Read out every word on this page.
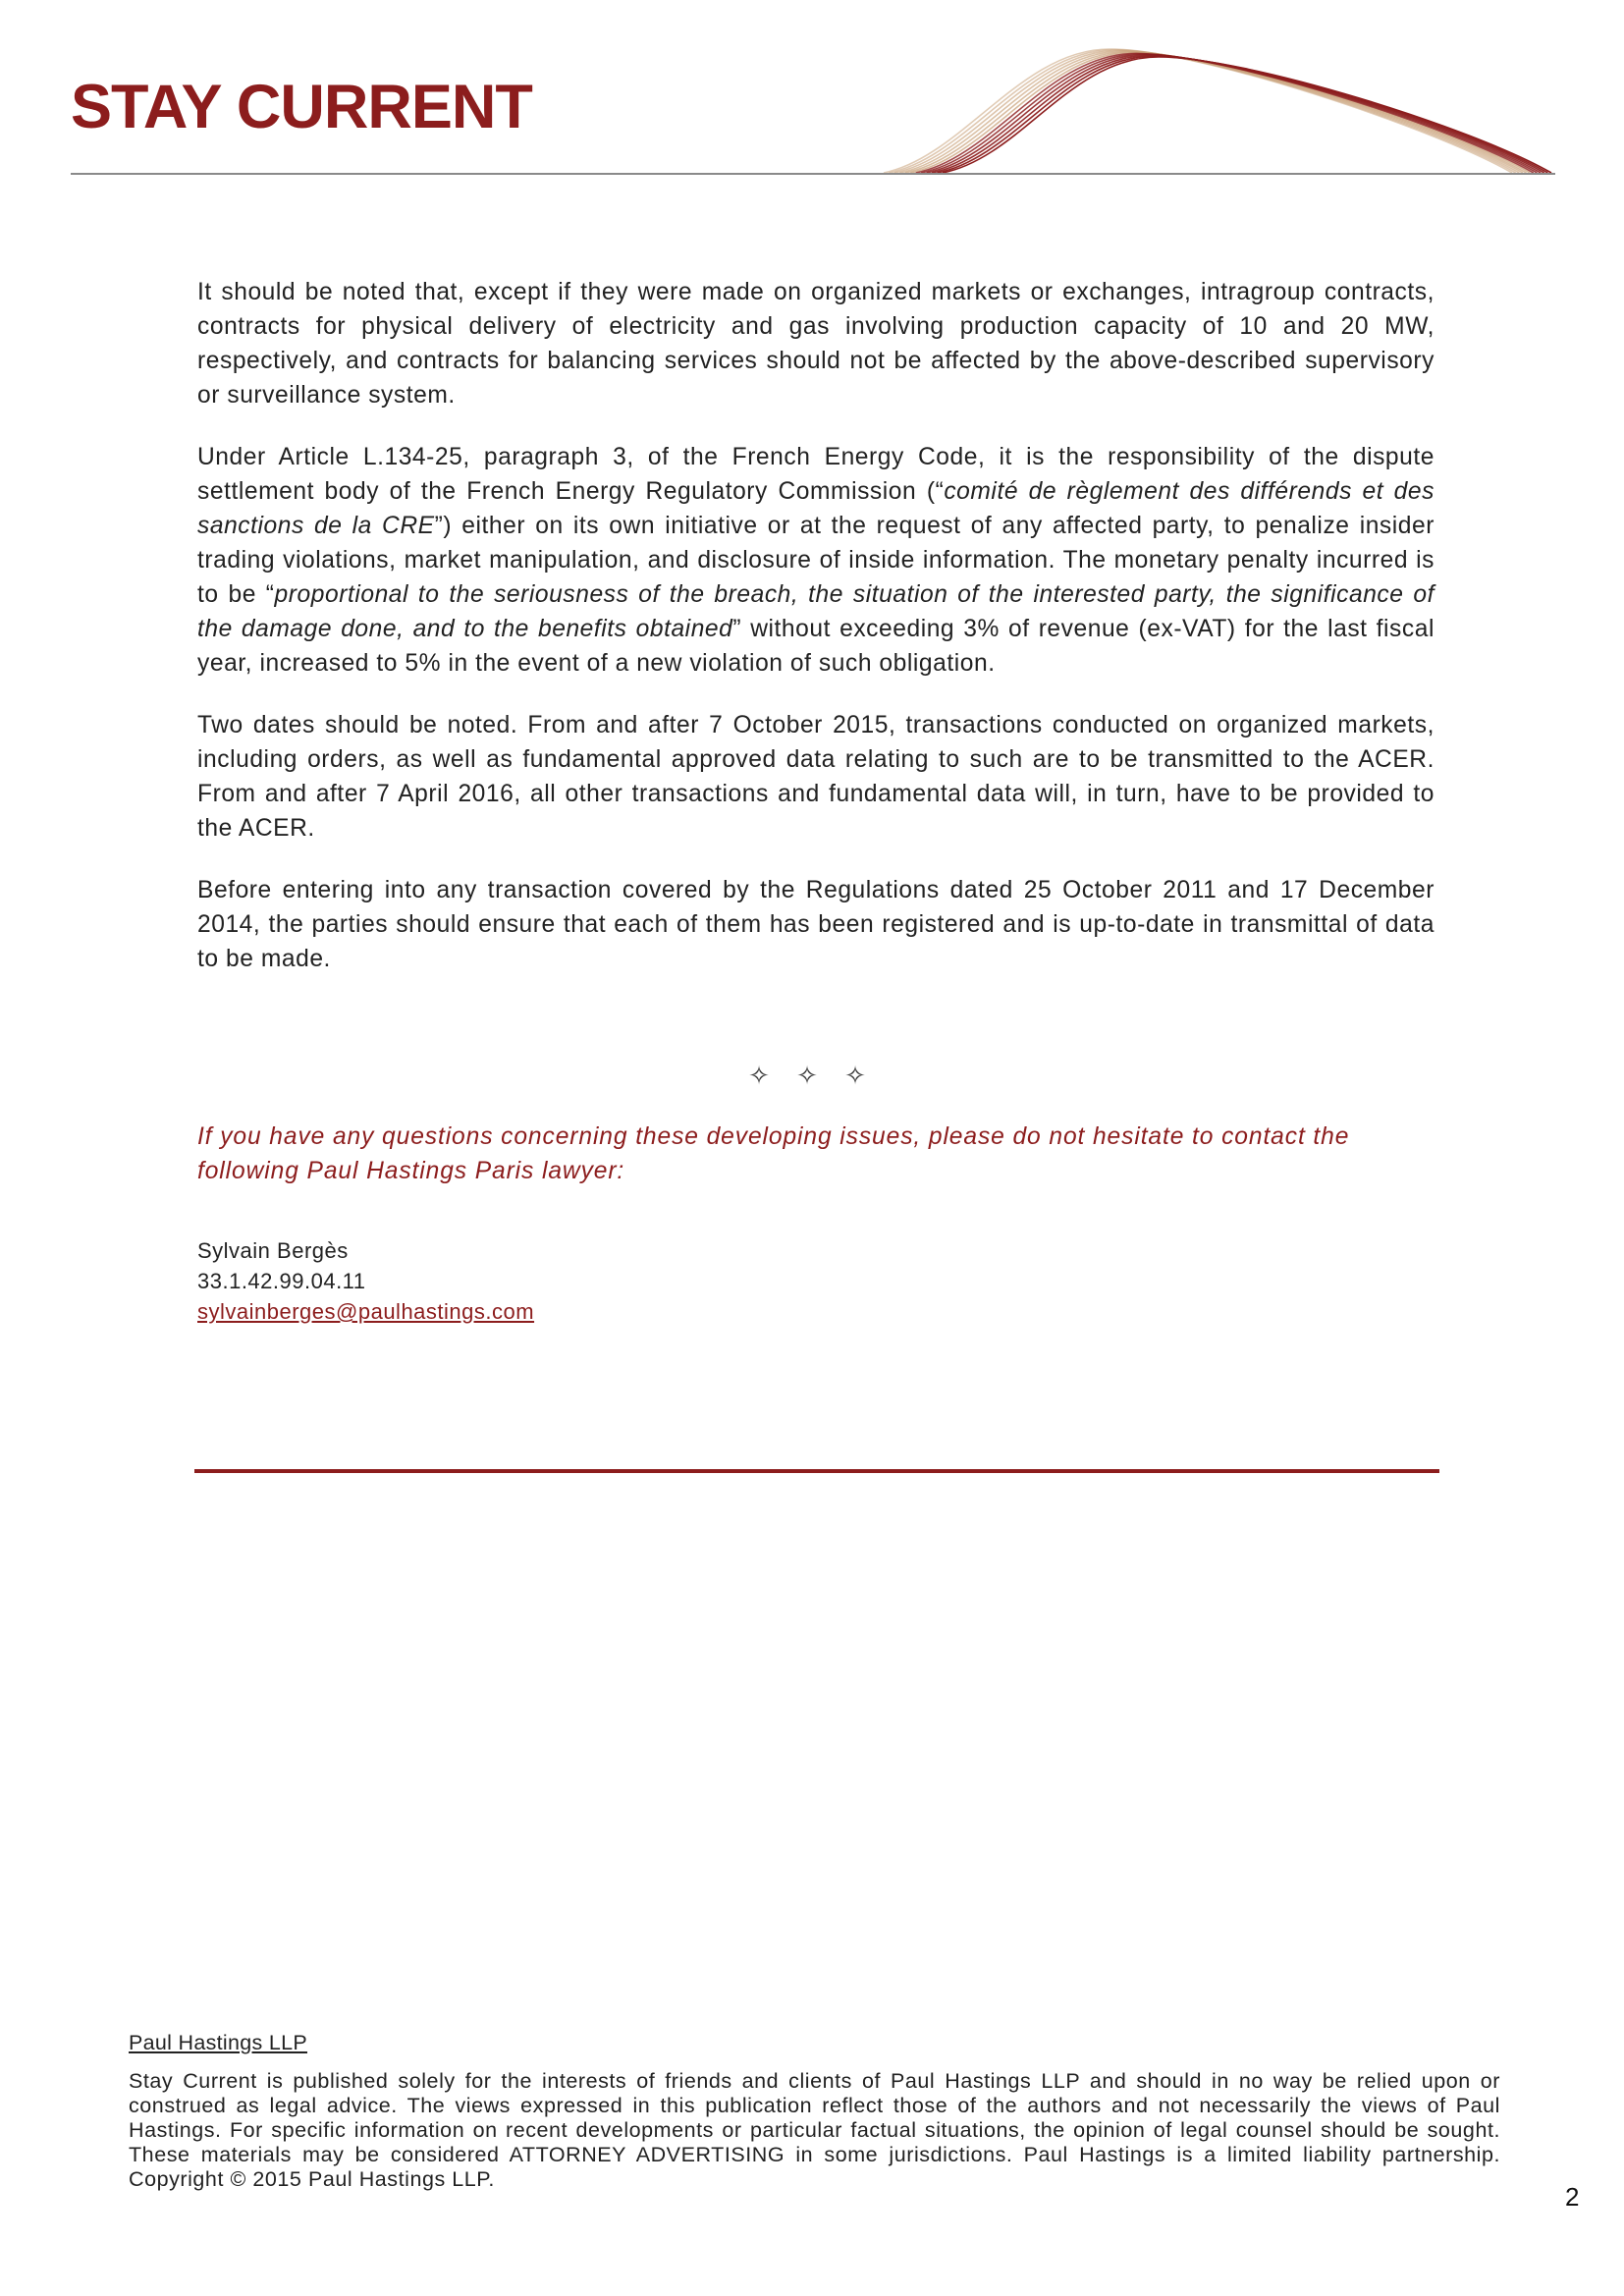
STAY CURRENT

It should be noted that, except if they were made on organized markets or exchanges, intragroup contracts, contracts for physical delivery of electricity and gas involving production capacity of 10 and 20 MW, respectively, and contracts for balancing services should not be affected by the above-described supervisory or surveillance system.

Under Article L.134-25, paragraph 3, of the French Energy Code, it is the responsibility of the dispute settlement body of the French Energy Regulatory Commission (“comité de règlement des différends et des sanctions de la CRE”) either on its own initiative or at the request of any affected party, to penalize insider trading violations, market manipulation, and disclosure of inside information. The monetary penalty incurred is to be “proportional to the seriousness of the breach, the situation of the interested party, the significance of the damage done, and to the benefits obtained” without exceeding 3% of revenue (ex-VAT) for the last fiscal year, increased to 5% in the event of a new violation of such obligation.

Two dates should be noted. From and after 7 October 2015, transactions conducted on organized markets, including orders, as well as fundamental approved data relating to such are to be transmitted to the ACER. From and after 7 April 2016, all other transactions and fundamental data will, in turn, have to be provided to the ACER.

Before entering into any transaction covered by the Regulations dated 25 October 2011 and 17 December 2014, the parties should ensure that each of them has been registered and is up-to-date in transmittal of data to be made.

✧ ✧ ✧
If you have any questions concerning these developing issues, please do not hesitate to contact the following Paul Hastings Paris lawyer:
Sylvain Bergès
33.1.42.99.04.11
sylvainberges@paulhastings.com
Paul Hastings LLP
Stay Current is published solely for the interests of friends and clients of Paul Hastings LLP and should in no way be relied upon or construed as legal advice. The views expressed in this publication reflect those of the authors and not necessarily the views of Paul Hastings. For specific information on recent developments or particular factual situations, the opinion of legal counsel should be sought. These materials may be considered ATTORNEY ADVERTISING in some jurisdictions. Paul Hastings is a limited liability partnership. Copyright © 2015 Paul Hastings LLP.
2
